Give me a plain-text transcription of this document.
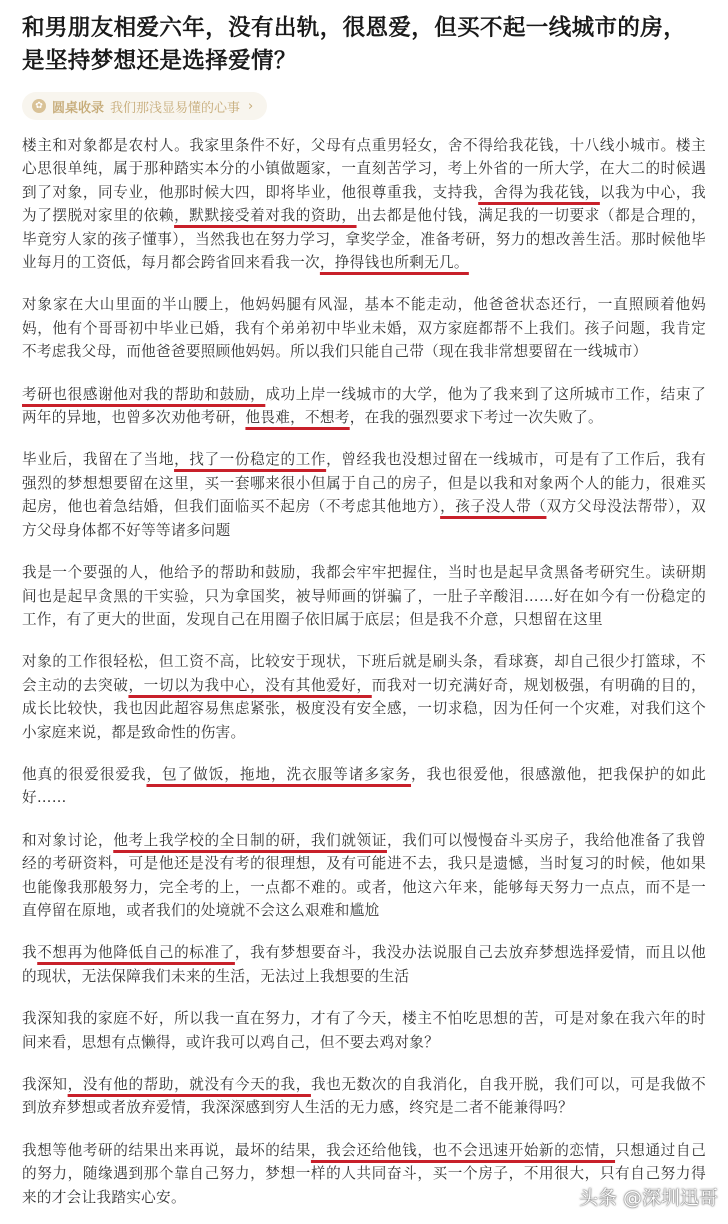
和男朋友相爱六年，没有出轨，很恩爱，但买不起一线城市的房，是坚持梦想还是选择爱情？
✿ 圆桌收录 我们那浅显易懂的心事 ›

楼主和对象都是农村人。我家里条件不好，父母有点重男轻女，舍不得给我花钱，十八线小城市。楼主心思很单纯，属于那种踏实本分的小镇做题家，一直刻苦学习，考上外省的一所大学，在大二的时候遇到了对象，同专业，他那时候大四，即将毕业，他很尊重我，支持我，舍得为我花钱，以我为中心，我为了摆脱对家里的依赖，默默接受着对我的资助，出去都是他付钱，满足我的一切要求（都是合理的，毕竟穷人家的孩子懂事），当然我也在努力学习，拿奖学金，准备考研，努力的想改善生活。那时候他毕业每月的工资低，每月都会跨省回来看我一次，挣得钱也所剩无几。

对象家在大山里面的半山腰上，他妈妈腿有风湿，基本不能走动，他爸爸状态还行，一直照顾着他妈妈，他有个哥哥初中毕业已婚，我有个弟弟初中毕业未婚，双方家庭都帮不上我们。孩子问题，我肯定不考虑我父母，而他爸爸要照顾他妈妈。所以我们只能自己带（现在我非常想要留在一线城市）

考研也很感谢他对我的帮助和鼓励，成功上岸一线城市的大学，他为了我来到了这所城市工作，结束了两年的异地，也曾多次劝他考研，他畏难，不想考，在我的强烈要求下考过一次失败了。

毕业后，我留在了当地，找了一份稳定的工作，曾经我也没想过留在一线城市，可是有了工作后，我有强烈的梦想想要留在这里，买一套哪来很小但属于自己的房子，但是以我和对象两个人的能力，很难买起房，他也着急结婚，但我们面临买不起房（不考虑其他地方），孩子没人带（双方父母没法帮带），双方父母身体都不好等等诸多问题

我是一个要强的人，他给予的帮助和鼓励，我都会牢牢把握住，当时也是起早贪黑备考研究生。读研期间也是起早贪黑的干实验，只为拿国奖，被导师画的饼骗了，一肚子辛酸泪……好在如今有一份稳定的工作，有了更大的世面，发现自己在用圈子依旧属于底层；但是我不介意，只想留在这里

对象的工作很轻松，但工资不高，比较安于现状，下班后就是刷头条，看球赛，却自己很少打篮球，不会主动的去突破，一切以为我中心，没有其他爱好，而我对一切充满好奇，规划极强，有明确的目的，成长比较快，我也因此超容易焦虑紧张，极度没有安全感，一切求稳，因为任何一个灾难，对我们这个小家庭来说，都是致命性的伤害。

他真的很爱很爱我，包了做饭，拖地，洗衣服等诸多家务，我也很爱他，很感激他，把我保护的如此好……

和对象讨论，他考上我学校的全日制的研，我们就领证，我们可以慢慢奋斗买房子，我给他准备了我曾经的考研资料，可是他还是没有考的很理想，及有可能进不去，我只是遗憾，当时复习的时候，他如果也能像我那般努力，完全考的上，一点都不难的。或者，他这六年来，能够每天努力一点点，而不是一直停留在原地，或者我们的处境就不会这么艰难和尴尬

我不想再为他降低自己的标准了，我有梦想要奋斗，我没办法说服自己去放弃梦想选择爱情，而且以他的现状，无法保障我们未来的生活，无法过上我想要的生活

我深知我的家庭不好，所以我一直在努力，才有了今天，楼主不怕吃思想的苦，可是对象在我六年的时间来看，思想有点懒得，或许我可以鸡自己，但不要去鸡对象？

我深知，没有他的帮助，就没有今天的我，我也无数次的自我消化，自我开脱，我们可以，可是我做不到放弃梦想或者放弃爱情，我深深感到穷人生活的无力感，终究是二者不能兼得吗？

我想等他考研的结果出来再说，最坏的结果，我会还给他钱，也不会迅速开始新的恋情，只想通过自己的努力，随缘遇到那个靠自己努力，梦想一样的人共同奋斗，买一个房子，不用很大，只有自己努力得来的才会让我踏实心安。	头条 @深圳迅哥
